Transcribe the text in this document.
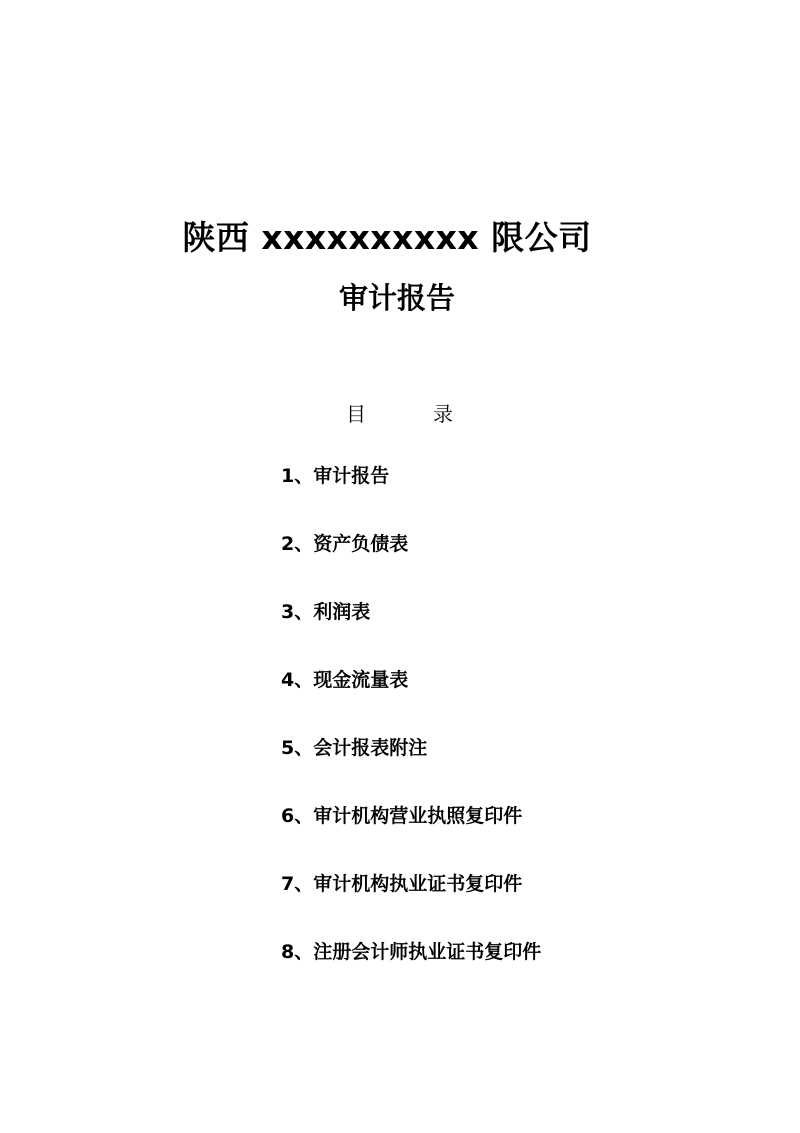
陕西 xxxxxxxxxx 限公司
审计报告
目	录
1、审计报告
2、资产负债表
3、利润表
4、现金流量表
5、会计报表附注
6、审计机构营业执照复印件
7、审计机构执业证书复印件
8、注册会计师执业证书复印件
